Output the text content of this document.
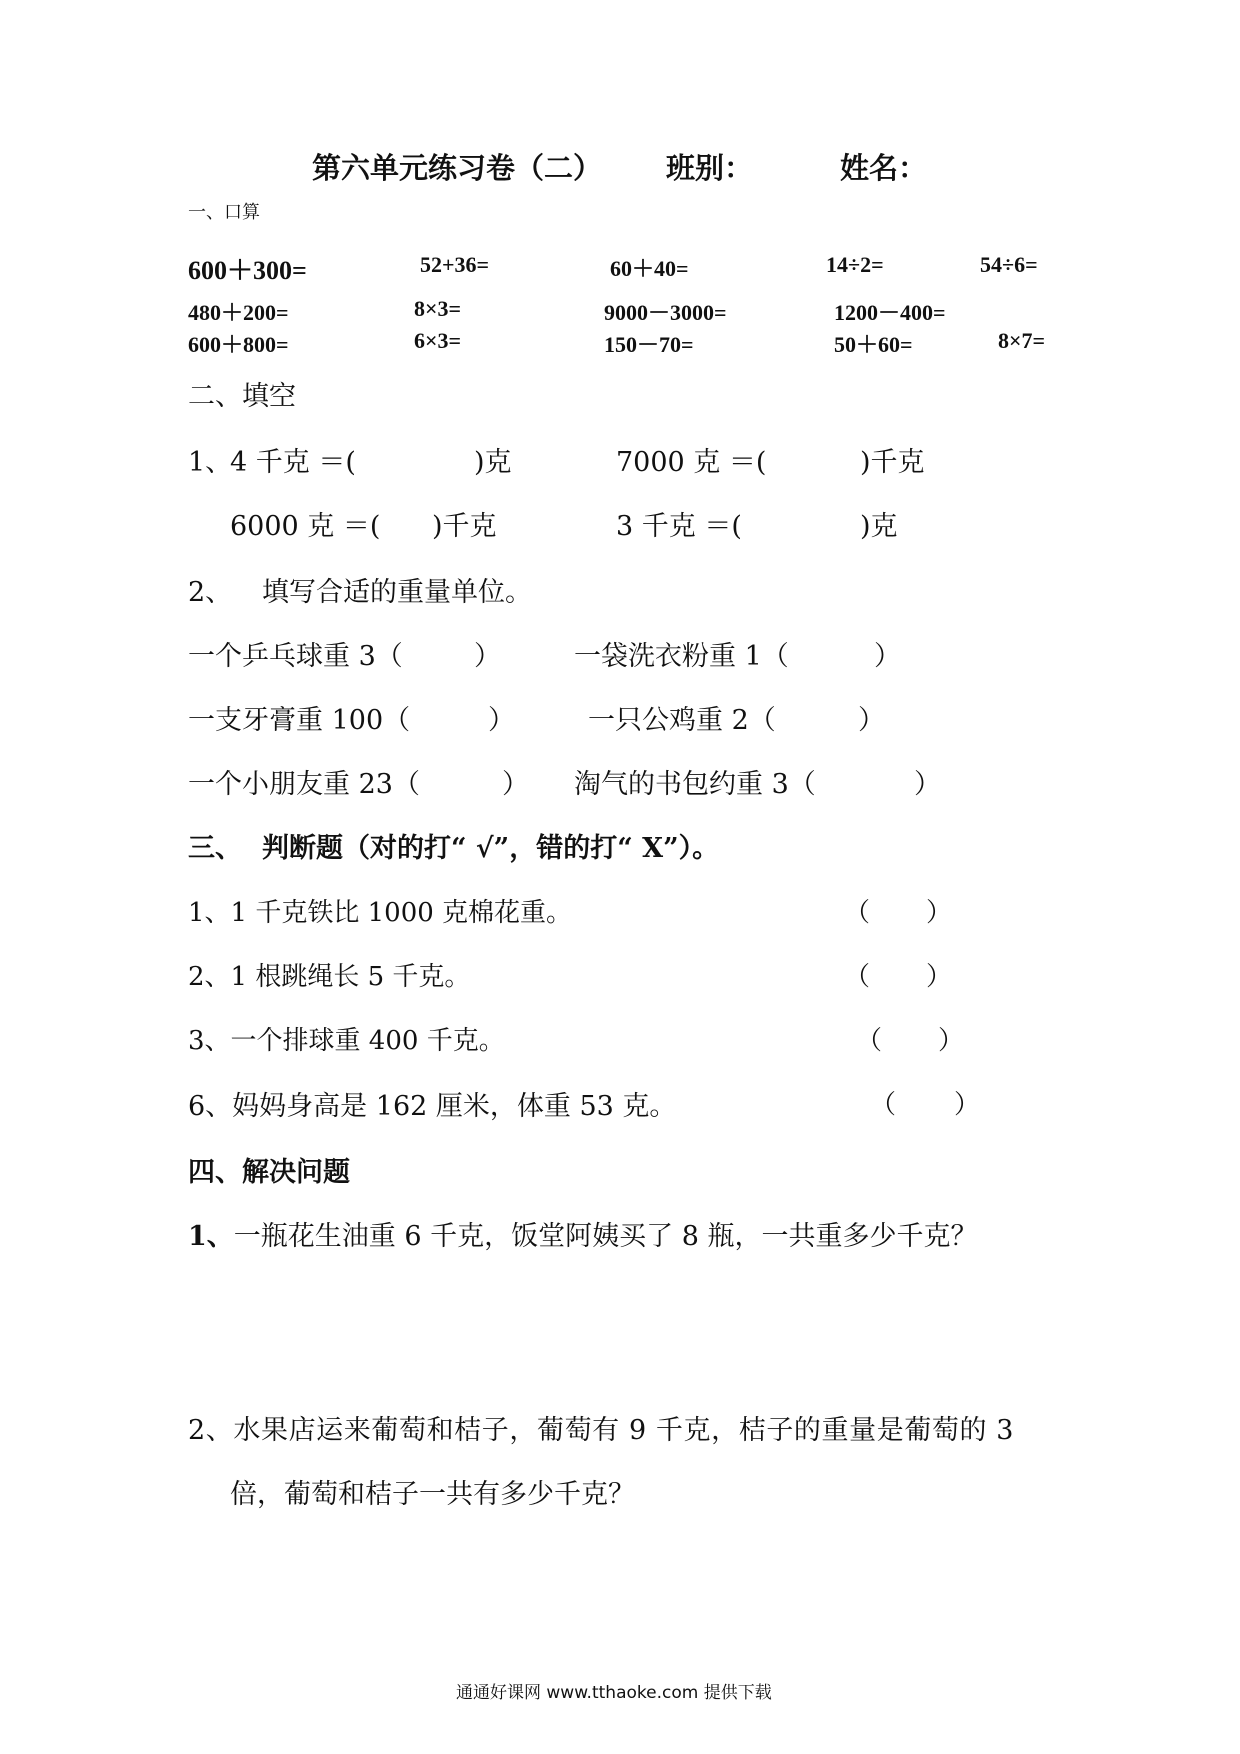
第六单元练习卷（二） 班别：	姓名：
一、口算
600＋300=	52+36=	60＋40=	14÷2=	54÷6=
480＋200=	8×3=	9000－3000=	1200－400=
600＋800=	6×3=	150－70=	50＋60=	8×7=
二、填空
1、
4 千克 ＝(	)克	7000 克 ＝(	)千克
6000 克 ＝( )千克	3 千克 ＝(	)克
2、 填写合适的重量单位。
一个乒乓球重 3（	）	一袋洗衣粉重 1（	）
一支牙膏重 100（	）	一只公鸡重 2（	）
一个小朋友重 23（	） 淘气的书包约重 3（	）
三、 判断题（对的打“ √”，错的打“ X”）。
1、1 千克铁比 1000 克棉花重。	（ ）
2、1 根跳绳长 5 千克。	（ ）
3、一个排球重 400 千克。	（ ）
6、妈妈身高是 162 厘米，体重 53 克。	（ ）
四、解决问题
1、一瓶花生油重 6 千克，饭堂阿姨买了 8 瓶，一共重多少千克？
2、水果店运来葡萄和桔子，葡萄有 9 千克，桔子的重量是葡萄的 3
倍，葡萄和桔子一共有多少千克？
通通好课网 www.tthaoke.com 提供下载
